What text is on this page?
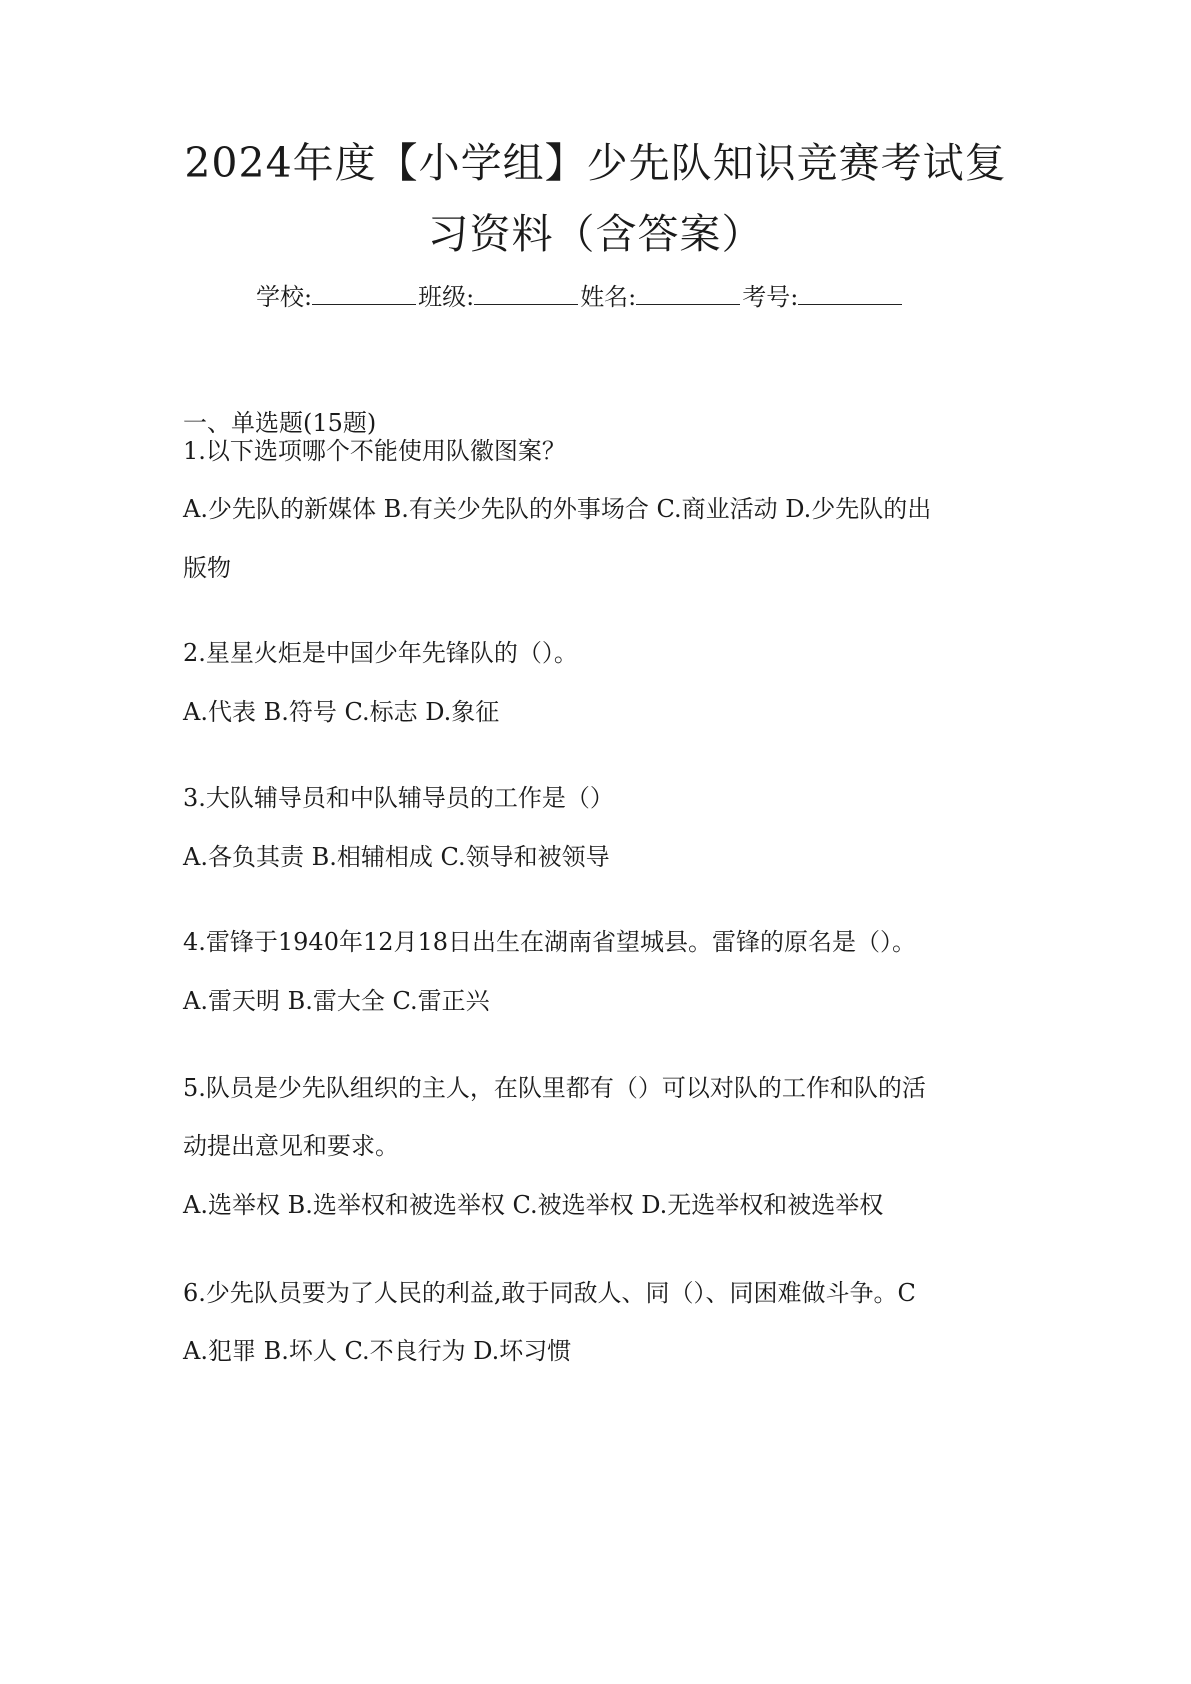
2024年度【小学组】少先队知识竞赛考试复
习资料（含答案）
学校:	班级:	姓名:	考号:
一、单选题(15题)
1.以下选项哪个不能使用队徽图案？
A.少先队的新媒体 B.有关少先队的外事场合 C.商业活动 D.少先队的出
版物
2.星星火炬是中国少年先锋队的（）。
A.代表 B.符号 C.标志 D.象征
3.大队辅导员和中队辅导员的工作是（）
A.各负其责 B.相辅相成 C.领导和被领导
4.雷锋于1940年12月18日出生在湖南省望城县。雷锋的原名是（）。
A.雷天明 B.雷大全 C.雷正兴
5.队员是少先队组织的主人，在队里都有（）可以对队的工作和队的活
动提出意见和要求。
A.选举权 B.选举权和被选举权 C.被选举权 D.无选举权和被选举权
6.少先队员要为了人民的利益,敢于同敌人、同（）、同困难做斗争。C
A.犯罪 B.坏人 C.不良行为 D.坏习惯
